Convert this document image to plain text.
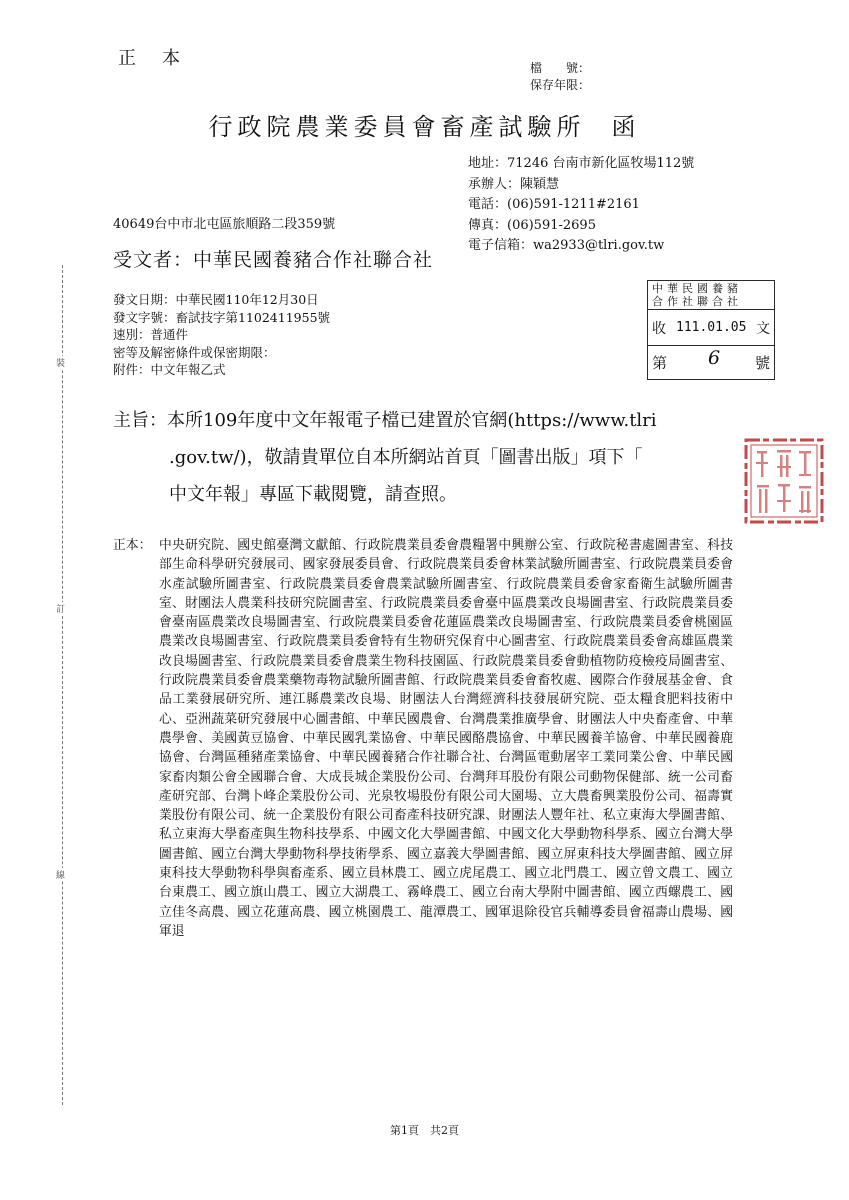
裝
訂
線
正本	檔　　號：
保存年限：
行政院農業委員會畜產試驗所 函
地址：71246 台南市新化區牧場112號
承辦人：陳穎慧
電話：(06)591-1211#2161
傳真：(06)591-2695
電子信箱：wa2933@tlri.gov.tw
40649台中市北屯區旅順路二段359號
受文者：中華民國養豬合作社聯合社
發文日期：中華民國110年12月30日
發文字號：畜試技字第1102411955號
速別：普通件
密等及解密條件或保密期限：
附件：中文年報乙式
中華民國養豬
合作社聯合社
收 111.01.05 文
第 6 號
主旨：本所109年度中文年報電子檔已建置於官網(https://www.tlri
.gov.tw/)，敬請貴單位自本所網站首頁「圖書出版」項下「
中文年報」專區下載閱覽，請查照。
正本： 中央研究院、國史館臺灣文獻館、行政院農業員委會農糧署中興辦公室、行政院秘書處圖書室、科技部生命科學研究發展司、國家發展委員會、行政院農業員委會林業試驗所圖書室、行政院農業員委會水產試驗所圖書室、行政院農業員委會農業試驗所圖書室、行政院農業員委會家畜衛生試驗所圖書室、財團法人農業科技研究院圖書室、行政院農業員委會臺中區農業改良場圖書室、行政院農業員委會臺南區農業改良場圖書室、行政院農業員委會花蓮區農業改良場圖書室、行政院農業員委會桃園區農業改良場圖書室、行政院農業員委會特有生物研究保育中心圖書室、行政院農業員委會高雄區農業改良場圖書室、行政院農業員委會農業生物科技園區、行政院農業員委會動植物防疫檢疫局圖書室、行政院農業員委會農業藥物毒物試驗所圖書館、行政院農業員委會畜牧處、國際合作發展基金會、食品工業發展研究所、連江縣農業改良場、財團法人台灣經濟科技發展研究院、亞太糧食肥料技術中心、亞洲蔬菜研究發展中心圖書館、中華民國農會、台灣農業推廣學會、財團法人中央畜產會、中華農學會、美國黃豆協會、中華民國乳業協會、中華民國酪農協會、中華民國養羊協會、中華民國養鹿協會、台灣區種豬產業協會、中華民國養豬合作社聯合社、台灣區電動屠宰工業同業公會、中華民國家畜肉類公會全國聯合會、大成長城企業股份公司、台灣拜耳股份有限公司動物保健部、統一公司畜產研究部、台灣卜峰企業股份公司、光泉牧場股份有限公司大園場、立大農畜興業股份公司、福壽實業股份有限公司、統一企業股份有限公司畜產科技研究課、財團法人豐年社、私立東海大學圖書館、私立東海大學畜產與生物科技學系、中國文化大學圖書館、中國文化大學動物科學系、國立台灣大學圖書館、國立台灣大學動物科學技術學系、國立嘉義大學圖書館、國立屏東科技大學圖書館、國立屏東科技大學動物科學與畜產系、國立員林農工、國立虎尾農工、國立北門農工、國立曾文農工、國立台東農工、國立旗山農工、國立大湖農工、霧峰農工、國立台南大學附中圖書館、國立西螺農工、國立佳冬高農、國立花蓮高農、國立桃園農工、龍潭農工、國軍退除役官兵輔導委員會福壽山農場、國軍退
第1頁　共2頁
